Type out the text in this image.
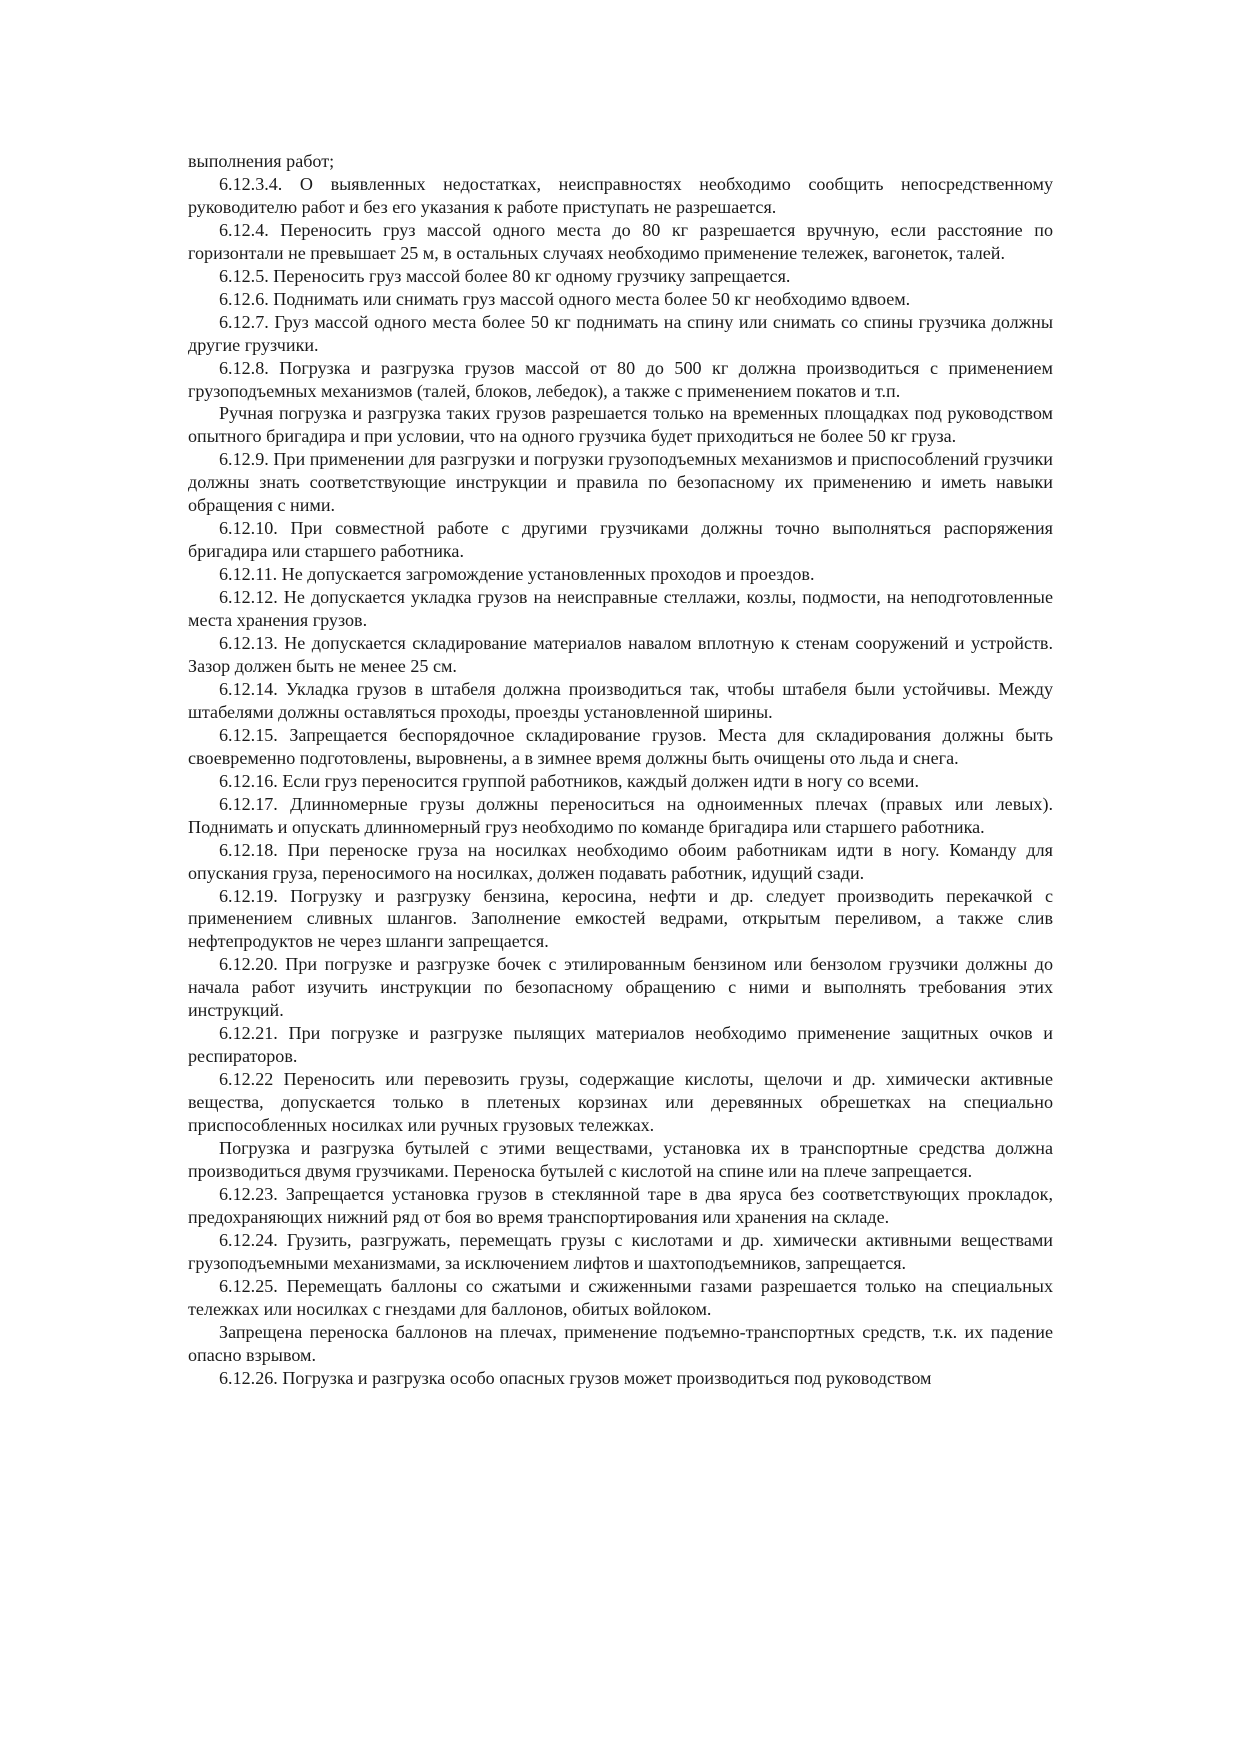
выполнения работ;

6.12.3.4. О выявленных недостатках, неисправностях необходимо сообщить непосредственному руководителю работ и без его указания к работе приступать не разрешается.

6.12.4. Переносить груз массой одного места до 80 кг разрешается вручную, если расстояние по горизонтали не превышает 25 м, в остальных случаях необходимо применение тележек, вагонеток, талей.

6.12.5. Переносить груз массой более 80 кг одному грузчику запрещается.

6.12.6. Поднимать или снимать груз массой одного места более 50 кг необходимо вдвоем.

6.12.7. Груз массой одного места более 50 кг поднимать на спину или снимать со спины грузчика должны другие грузчики.

6.12.8. Погрузка и разгрузка грузов массой от 80 до 500 кг должна производиться с применением грузоподъемных механизмов (талей, блоков, лебедок), а также с применением покатов и т.п.

Ручная погрузка и разгрузка таких грузов разрешается только на временных площадках под руководством опытного бригадира и при условии, что на одного грузчика будет приходиться не более 50 кг груза.

6.12.9. При применении для разгрузки и погрузки грузоподъемных механизмов и приспособлений грузчики должны знать соответствующие инструкции и правила по безопасному их применению и иметь навыки обращения с ними.

6.12.10. При совместной работе с другими грузчиками должны точно выполняться распоряжения бригадира или старшего работника.

6.12.11. Не допускается загромождение установленных проходов и проездов.

6.12.12. Не допускается укладка грузов на неисправные стеллажи, козлы, подмости, на неподготовленные места хранения грузов.

6.12.13. Не допускается складирование материалов навалом вплотную к стенам сооружений и устройств. Зазор должен быть не менее 25 см.

6.12.14. Укладка грузов в штабеля должна производиться так, чтобы штабеля были устойчивы. Между штабелями должны оставляться проходы, проезды установленной ширины.

6.12.15. Запрещается беспорядочное складирование грузов. Места для складирования должны быть своевременно подготовлены, выровнены, а в зимнее время должны быть очищены ото льда и снега.

6.12.16. Если груз переносится группой работников, каждый должен идти в ногу со всеми.

6.12.17. Длинномерные грузы должны переноситься на одноименных плечах (правых или левых). Поднимать и опускать длинномерный груз необходимо по команде бригадира или старшего работника.

6.12.18. При переноске груза на носилках необходимо обоим работникам идти в ногу. Команду для опускания груза, переносимого на носилках, должен подавать работник, идущий сзади.

6.12.19. Погрузку и разгрузку бензина, керосина, нефти и др. следует производить перекачкой с применением сливных шлангов. Заполнение емкостей ведрами, открытым переливом, а также слив нефтепродуктов не через шланги запрещается.

6.12.20. При погрузке и разгрузке бочек с этилированным бензином или бензолом грузчики должны до начала работ изучить инструкции по безопасному обращению с ними и выполнять требования этих инструкций.

6.12.21. При погрузке и разгрузке пылящих материалов необходимо применение защитных очков и респираторов.

6.12.22 Переносить или перевозить грузы, содержащие кислоты, щелочи и др. химически активные вещества, допускается только в плетеных корзинах или деревянных обрешетках на специально приспособленных носилках или ручных грузовых тележках.

Погрузка и разгрузка бутылей с этими веществами, установка их в транспортные средства должна производиться двумя грузчиками. Переноска бутылей с кислотой на спине или на плече запрещается.

6.12.23. Запрещается установка грузов в стеклянной таре в два яруса без соответствующих прокладок, предохраняющих нижний ряд от боя во время транспортирования или хранения на складе.

6.12.24. Грузить, разгружать, перемещать грузы с кислотами и др. химически активными веществами грузоподъемными механизмами, за исключением лифтов и шахтоподъемников, запрещается.

6.12.25. Перемещать баллоны со сжатыми и сжиженными газами разрешается только на специальных тележках или носилках с гнездами для баллонов, обитых войлоком.

Запрещена переноска баллонов на плечах, применение подъемно-транспортных средств, т.к. их падение опасно взрывом.

6.12.26. Погрузка и разгрузка особо опасных грузов может производиться под руководством
